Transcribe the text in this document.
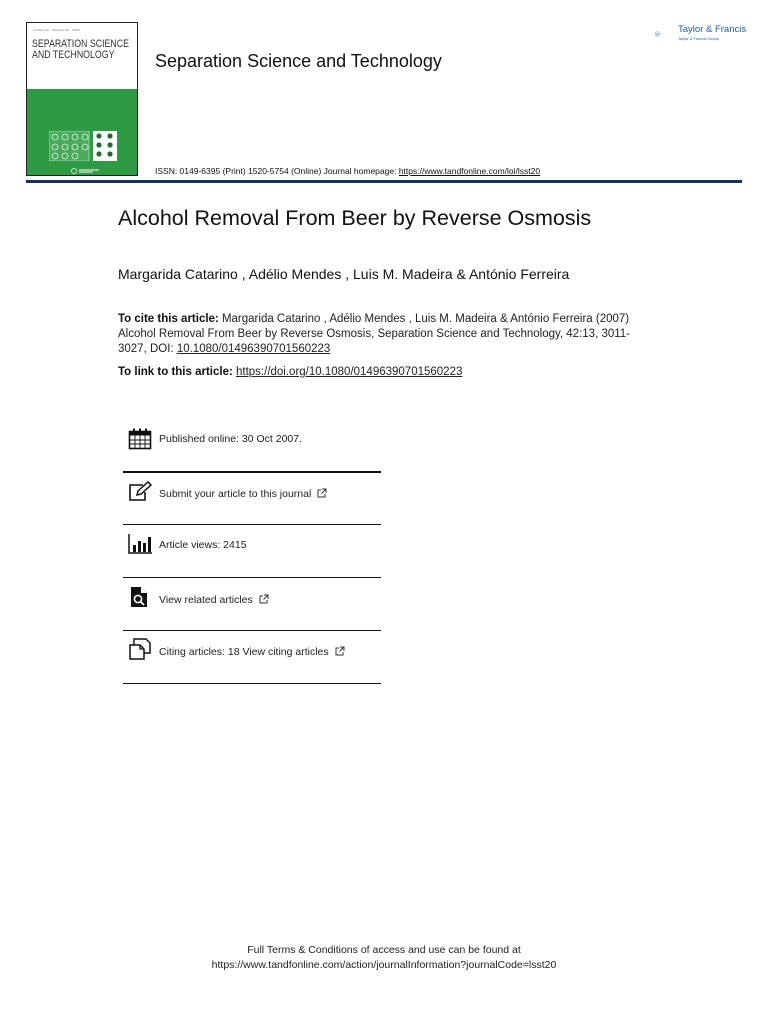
Volume 00 · Number 00 · 0000
SEPARATION SCIENCE
AND TECHNOLOGY Separation Science and Technology
Taylor & Francis
Taylor & Francis Group
ISSN: 0149-6395 (Print) 1520-5754 (Online) Journal homepage: https://www.tandfonline.com/loi/lsst20
Alcohol Removal From Beer by Reverse Osmosis
Margarida Catarino , Adélio Mendes , Luis M. Madeira & António Ferreira
To cite this article: Margarida Catarino , Adélio Mendes , Luis M. Madeira & António Ferreira (2007) Alcohol Removal From Beer by Reverse Osmosis, Separation Science and Technology, 42:13, 3011-3027, DOI: 10.1080/01496390701560223
To link to this article: https://doi.org/10.1080/01496390701560223
Published online: 30 Oct 2007.
Submit your article to this journal
Article views: 2415
View related articles
Citing articles: 18 View citing articles
Full Terms & Conditions of access and use can be found at
https://www.tandfonline.com/action/journalInformation?journalCode=lsst20
